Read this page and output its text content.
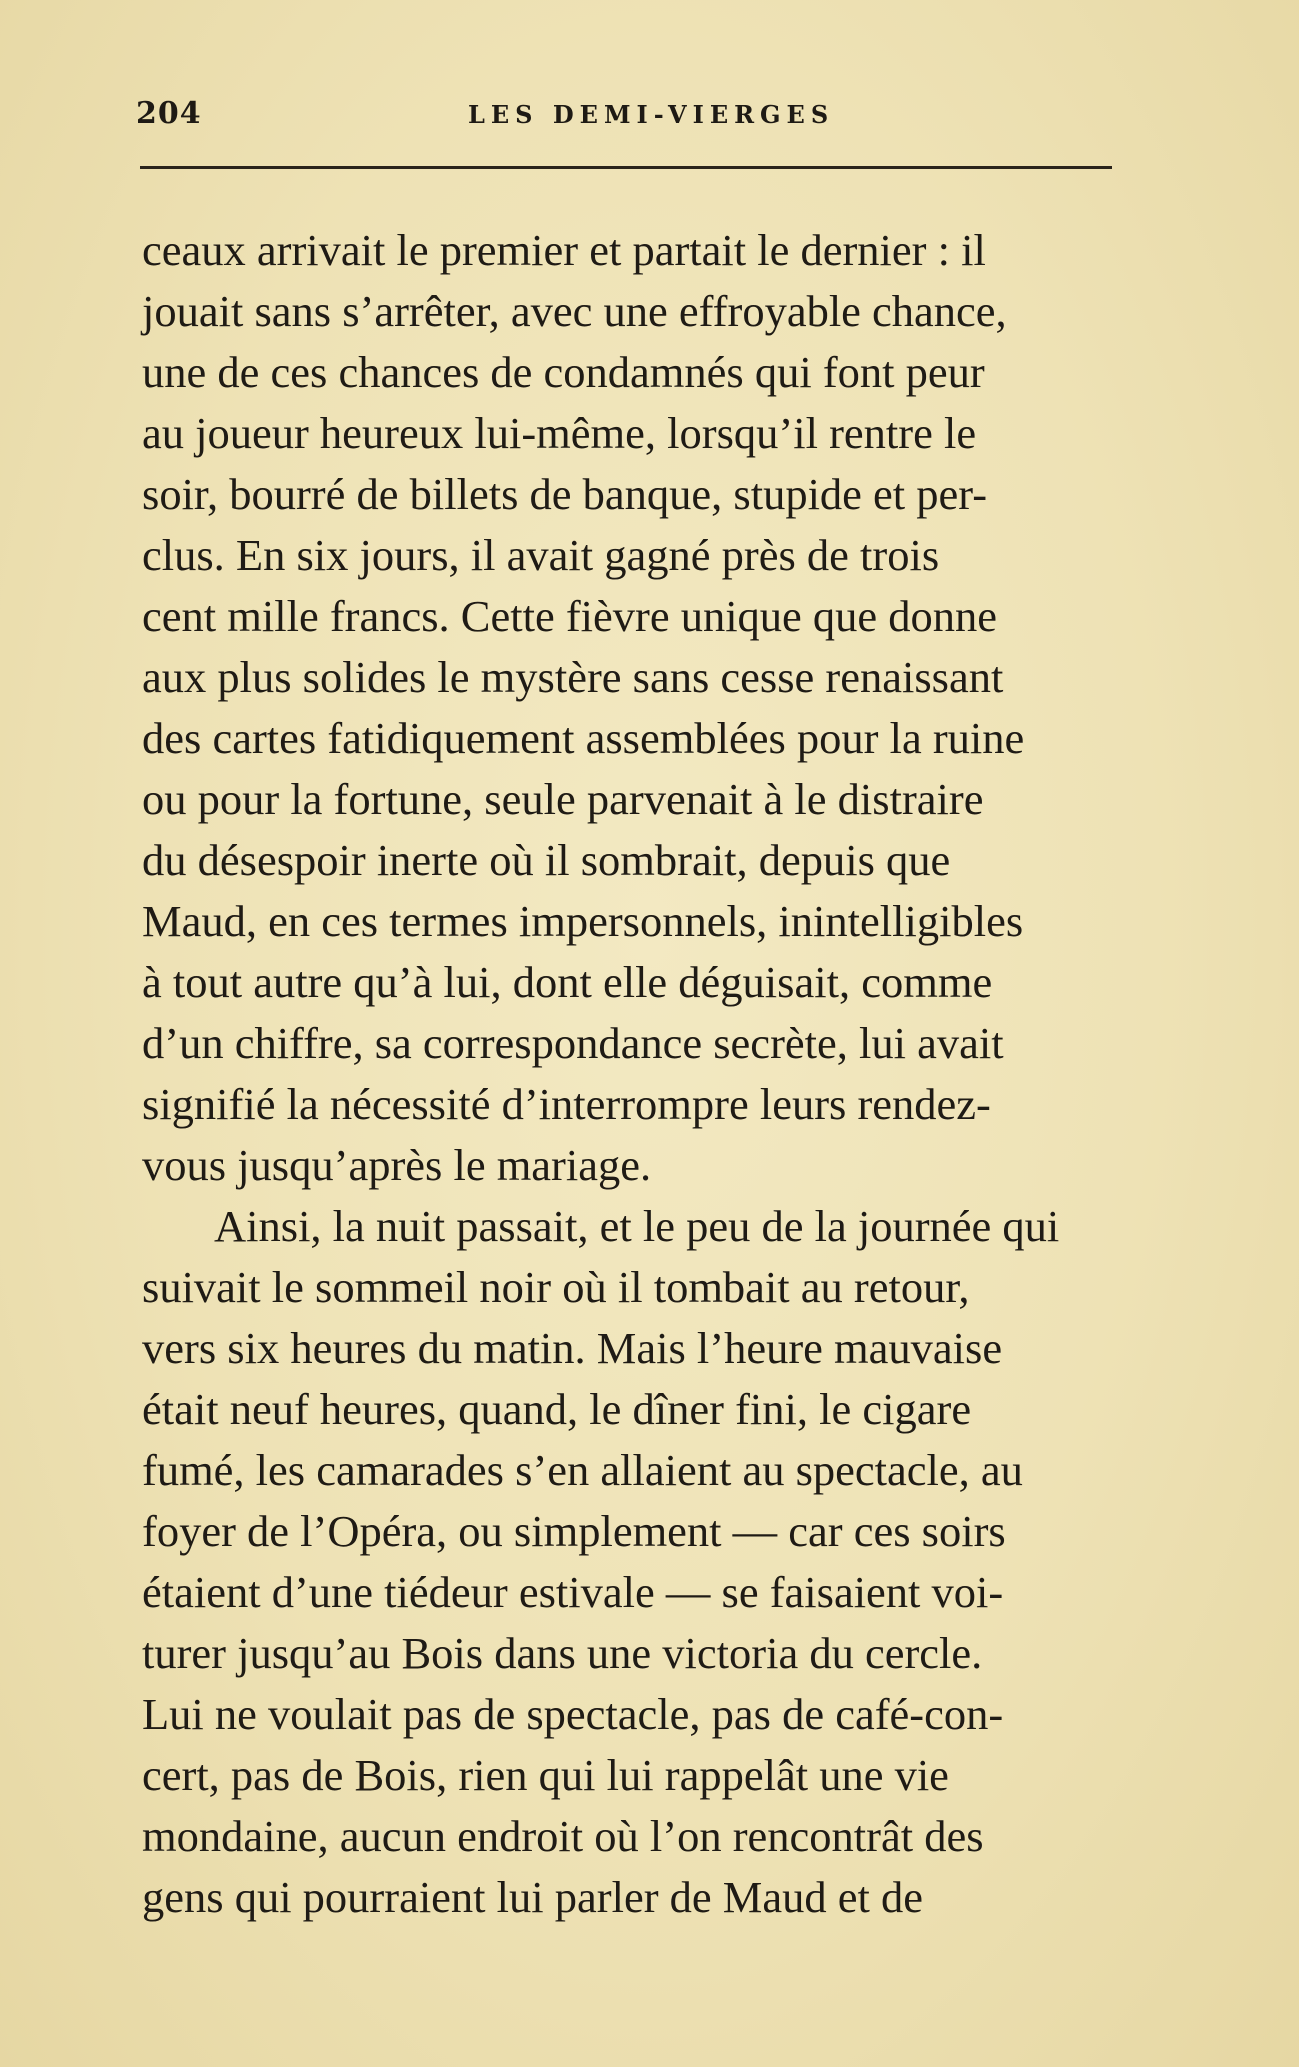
204	LES DEMI-VIERGES
ceaux arrivait le premier et partait le dernier : il
jouait sans s’arrêter, avec une effroyable chance,
une de ces chances de condamnés qui font peur
au joueur heureux lui-même, lorsqu’il rentre le
soir, bourré de billets de banque, stupide et per-
clus. En six jours, il avait gagné près de trois
cent mille francs. Cette fièvre unique que donne
aux plus solides le mystère sans cesse renaissant
des cartes fatidiquement assemblées pour la ruine
ou pour la fortune, seule parvenait à le distraire
du désespoir inerte où il sombrait, depuis que
Maud, en ces termes impersonnels, inintelligibles
à tout autre qu’à lui, dont elle déguisait, comme
d’un chiffre, sa correspondance secrète, lui avait
signifié la nécessité d’interrompre leurs rendez-
vous jusqu’après le mariage.
Ainsi, la nuit passait, et le peu de la journée qui
suivait le sommeil noir où il tombait au retour,
vers six heures du matin. Mais l’heure mauvaise
était neuf heures, quand, le dîner fini, le cigare
fumé, les camarades s’en allaient au spectacle, au
foyer de l’Opéra, ou simplement — car ces soirs
étaient d’une tiédeur estivale — se faisaient voi-
turer jusqu’au Bois dans une victoria du cercle.
Lui ne voulait pas de spectacle, pas de café-con-
cert, pas de Bois, rien qui lui rappelât une vie
mondaine, aucun endroit où l’on rencontrât des
gens qui pourraient lui parler de Maud et de
